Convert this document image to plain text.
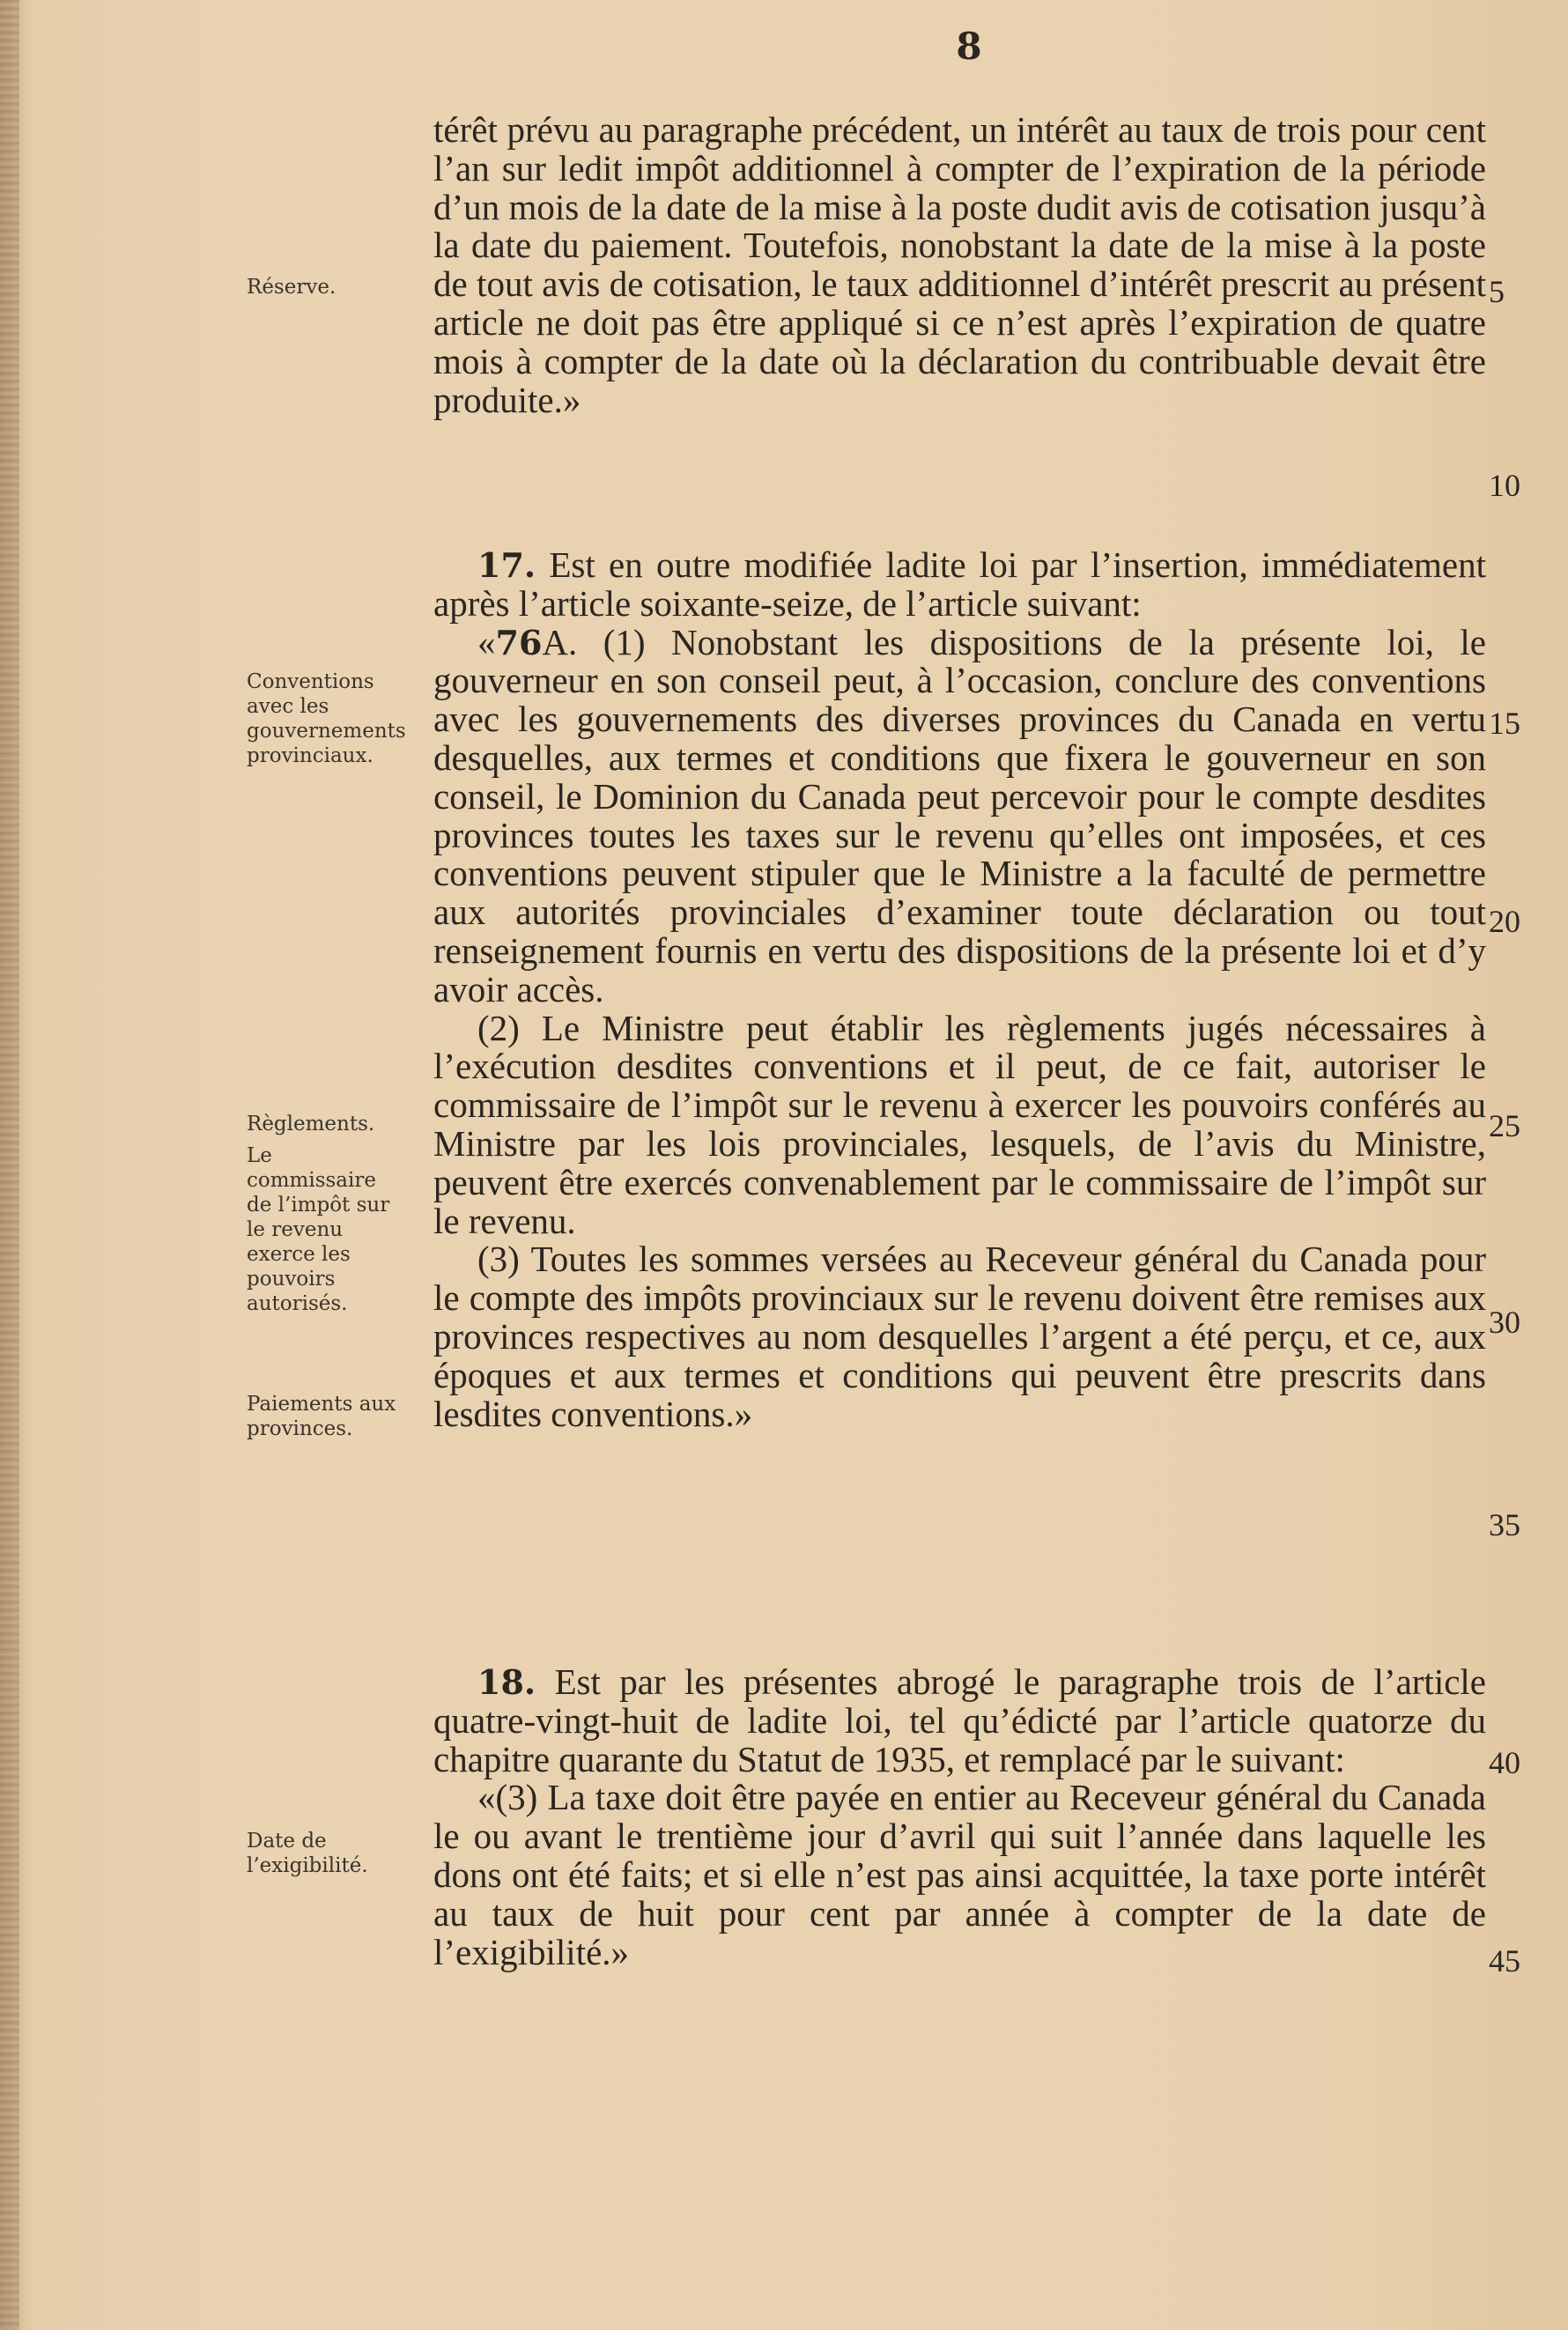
8
Réserve.
Conventions avec les gouvernements provinciaux.
Règlements.
Le commissaire de l’impôt sur le revenu exerce les pouvoirs autorisés.
Paiements aux provinces.
Date de l’exigibilité.

térêt prévu au paragraphe précédent, un intérêt au taux de trois pour cent l’an sur ledit impôt additionnel à compter de l’expiration de la période d’un mois de la date de la mise à la poste dudit avis de cotisation jusqu’à la date du paiement. Toutefois, nonobstant la date de la mise à la poste de tout avis de cotisation, le taux additionnel d’intérêt prescrit au présent article ne doit pas être appliqué si ce n’est après l’expiration de quatre mois à compter de la date où la déclaration du contribuable devait être produite.»

17. Est en outre modifiée ladite loi par l’insertion, immédiatement après l’article soixante-seize, de l’article suivant:

«76A. (1) Nonobstant les dispositions de la présente loi, le gouverneur en son conseil peut, à l’occasion, conclure des conventions avec les gouvernements des diverses provinces du Canada en vertu desquelles, aux termes et conditions que fixera le gouverneur en son conseil, le Dominion du Canada peut percevoir pour le compte desdites provinces toutes les taxes sur le revenu qu’elles ont imposées, et ces conventions peuvent stipuler que le Ministre a la faculté de permettre aux autorités provinciales d’examiner toute déclaration ou tout renseignement fournis en vertu des dispositions de la présente loi et d’y avoir accès.

(2) Le Ministre peut établir les règlements jugés nécessaires à l’exécution desdites conventions et il peut, de ce fait, autoriser le commissaire de l’impôt sur le revenu à exercer les pouvoirs conférés au Ministre par les lois provinciales, lesquels, de l’avis du Ministre, peuvent être exercés convenablement par le commissaire de l’impôt sur le revenu.

(3) Toutes les sommes versées au Receveur général du Canada pour le compte des impôts provinciaux sur le revenu doivent être remises aux provinces respectives au nom desquelles l’argent a été perçu, et ce, aux époques et aux termes et conditions qui peuvent être prescrits dans lesdites conventions.»

18. Est par les présentes abrogé le paragraphe trois de l’article quatre-vingt-huit de ladite loi, tel qu’édicté par l’article quatorze du chapitre quarante du Statut de 1935, et remplacé par le suivant:

«(3) La taxe doit être payée en entier au Receveur général du Canada le ou avant le trentième jour d’avril qui suit l’année dans laquelle les dons ont été faits; et si elle n’est pas ainsi acquittée, la taxe porte intérêt au taux de huit pour cent par année à compter de la date de l’exigibilité.»

5
10
15
20
25
30
35
40
45
